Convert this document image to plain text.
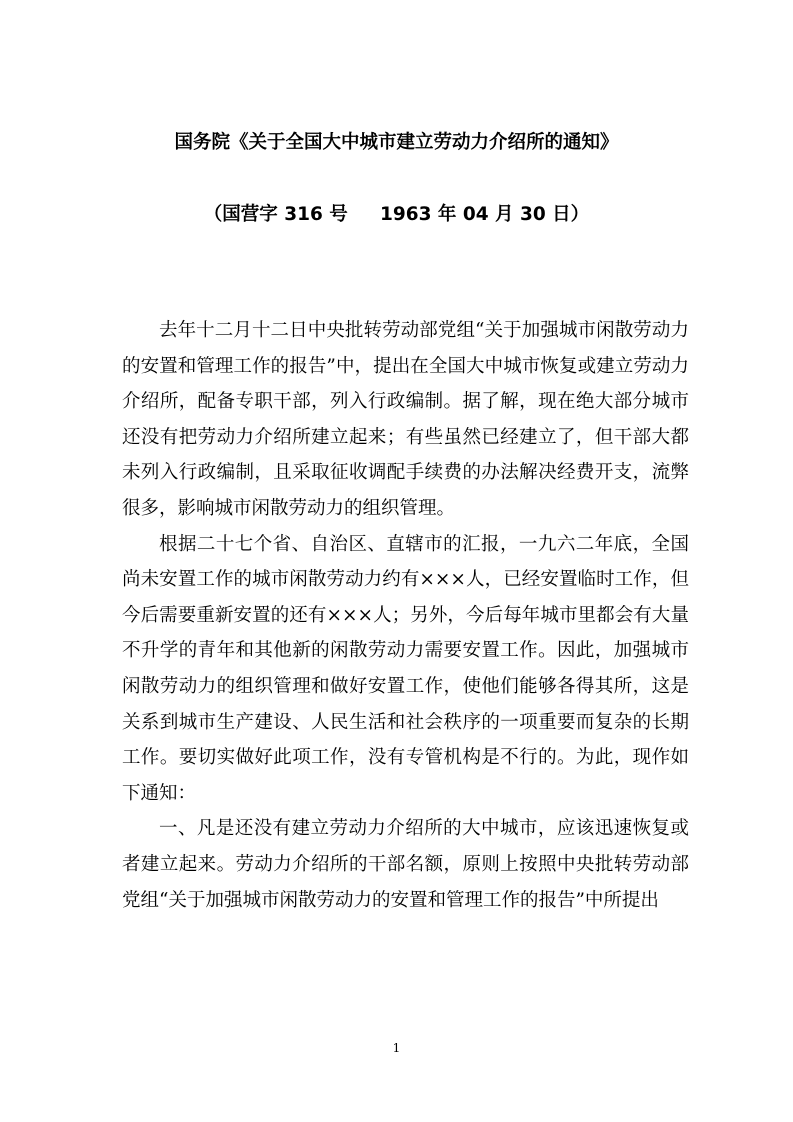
国务院《关于全国大中城市建立劳动力介绍所的通知》
（国营字 316 号     1963 年 04 月 30 日）

去年十二月十二日中央批转劳动部党组“关于加强城市闲散劳动力的安置和管理工作的报告”中，提出在全国大中城市恢复或建立劳动力介绍所，配备专职干部，列入行政编制。据了解，现在绝大部分城市还没有把劳动力介绍所建立起来；有些虽然已经建立了，但干部大都未列入行政编制，且采取征收调配手续费的办法解决经费开支，流弊很多，影响城市闲散劳动力的组织管理。

根据二十七个省、自治区、直辖市的汇报，一九六二年底，全国尚未安置工作的城市闲散劳动力约有×××人，已经安置临时工作，但今后需要重新安置的还有×××人；另外，今后每年城市里都会有大量不升学的青年和其他新的闲散劳动力需要安置工作。因此，加强城市闲散劳动力的组织管理和做好安置工作，使他们能够各得其所，这是关系到城市生产建设、人民生活和社会秩序的一项重要而复杂的长期工作。要切实做好此项工作，没有专管机构是不行的。为此，现作如下通知：

一、凡是还没有建立劳动力介绍所的大中城市，应该迅速恢复或者建立起来。劳动力介绍所的干部名额，原则上按照中央批转劳动部党组“关于加强城市闲散劳动力的安置和管理工作的报告”中所提出

1
